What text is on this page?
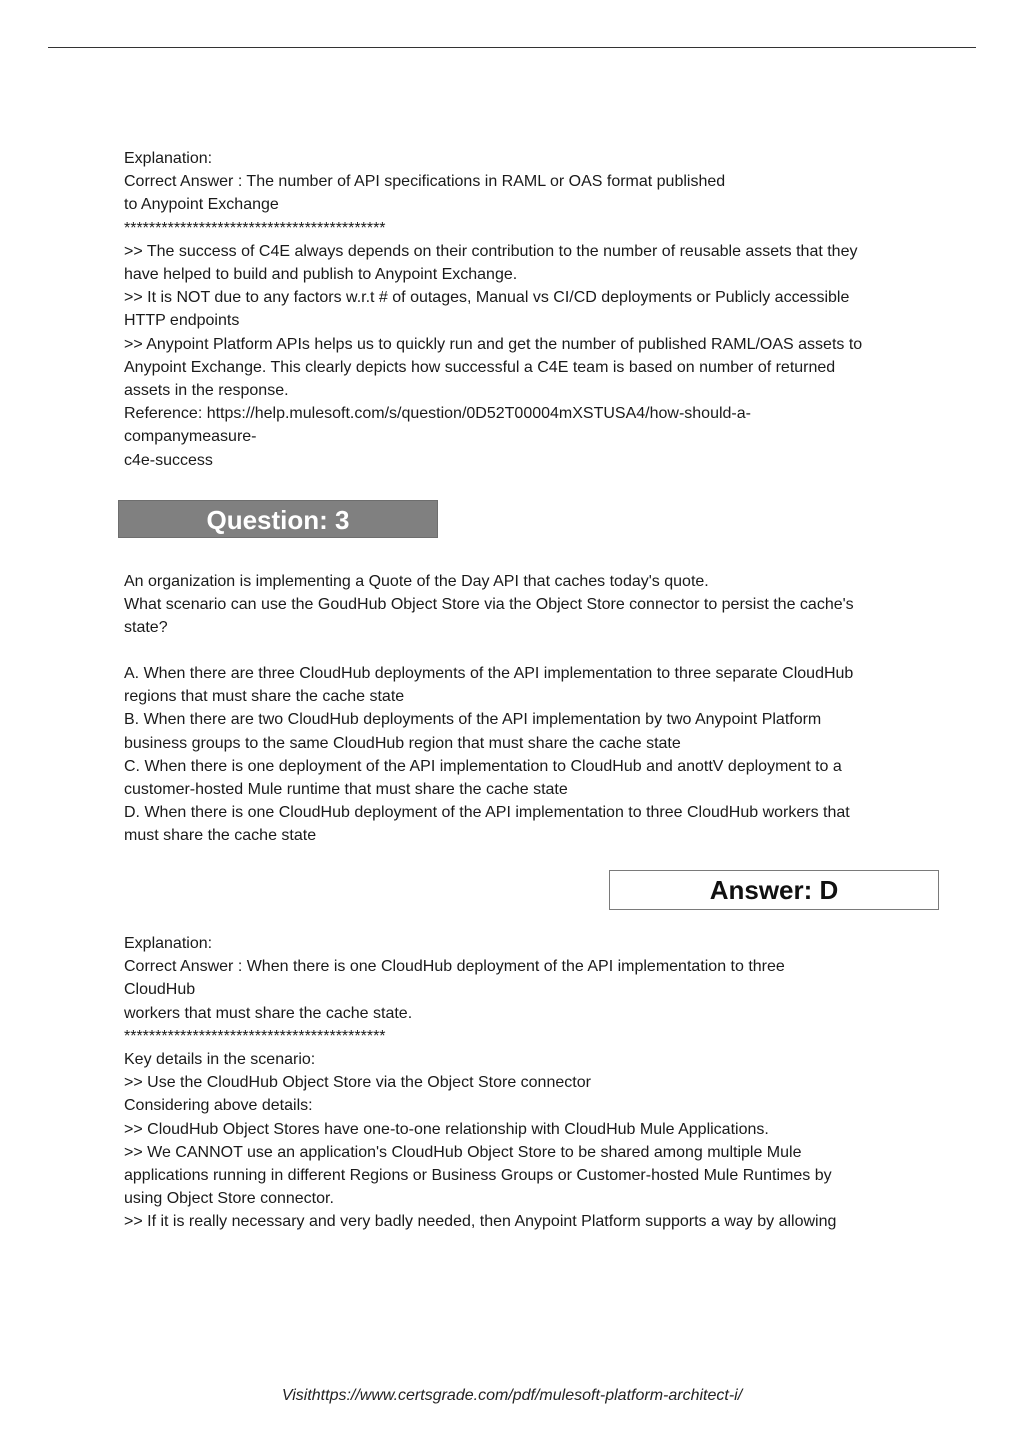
Explanation:

Correct Answer : The number of API specifications in RAML or OAS format published

to Anypoint Exchange

******************************************

>> The success of C4E always depends on their contribution to the number of reusable assets that they

have helped to build and publish to Anypoint Exchange.

>> It is NOT due to any factors w.r.t # of outages, Manual vs CI/CD deployments or Publicly accessible

HTTP endpoints

>> Anypoint Platform APIs helps us to quickly run and get the number of published RAML/OAS assets to

Anypoint Exchange. This clearly depicts how successful a C4E team is based on number of returned

assets in the response.

Reference: https://help.mulesoft.com/s/question/0D52T00004mXSTUSA4/how-should-a-

companymeasure-

c4e-success

Question: 3

An organization is implementing a Quote of the Day API that caches today's quote.

What scenario can use the GoudHub Object Store via the Object Store connector to persist the cache's

state?

A. When there are three CloudHub deployments of the API implementation to three separate CloudHub

regions that must share the cache state

B. When there are two CloudHub deployments of the API implementation by two Anypoint Platform

business groups to the same CloudHub region that must share the cache state

C. When there is one deployment of the API implementation to CloudHub and anottV deployment to a

customer-hosted Mule runtime that must share the cache state

D. When there is one CloudHub deployment of the API implementation to three CloudHub workers that

must share the cache state

Answer: D

Explanation:

Correct Answer : When there is one CloudHub deployment of the API implementation to three

CloudHub

workers that must share the cache state.

******************************************

Key details in the scenario:

>> Use the CloudHub Object Store via the Object Store connector

Considering above details:

>> CloudHub Object Stores have one-to-one relationship with CloudHub Mule Applications.

>> We CANNOT use an application's CloudHub Object Store to be shared among multiple Mule

applications running in different Regions or Business Groups or Customer-hosted Mule Runtimes by

using Object Store connector.

>> If it is really necessary and very badly needed, then Anypoint Platform supports a way by allowing

Visithttps://www.certsgrade.com/pdf/mulesoft-platform-architect-i/
